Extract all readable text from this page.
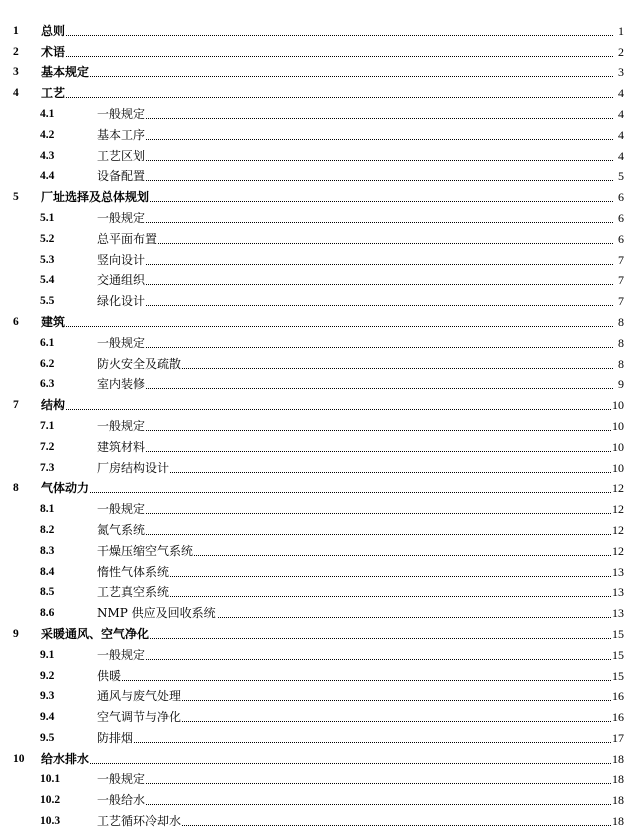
1 总则	1
2 术语	2
3 基本规定	3
4 工艺	4
4.1	一般规定	4
4.2	基本工序	4
4.3	工艺区划	4
4.4	设备配置	5
5 厂址选择及总体规划	6
5.1	一般规定	6
5.2	总平面布置	6
5.3	竖向设计	7
5.4	交通组织	7
5.5	绿化设计	7
6 建筑	8
6.1	一般规定	8
6.2	防火安全及疏散	8
6.3	室内装修	9
7 结构	10
7.1	一般规定	10
7.2	建筑材料	10
7.3	厂房结构设计	10
8 气体动力	12
8.1	一般规定	12
8.2	氮气系统	12
8.3	干燥压缩空气系统	12
8.4	惰性气体系统	13
8.5	工艺真空系统	13
8.6	NMP 供应及回收系统	13
9 采暖通风、空气净化	15
9.1	一般规定	15
9.2	供暖	15
9.3	通风与废气处理	16
9.4	空气调节与净化	16
9.5	防排烟	17
10 给水排水	18
10.1	一般规定	18
10.2	一般给水	18
10.3	工艺循环冷却水	18
